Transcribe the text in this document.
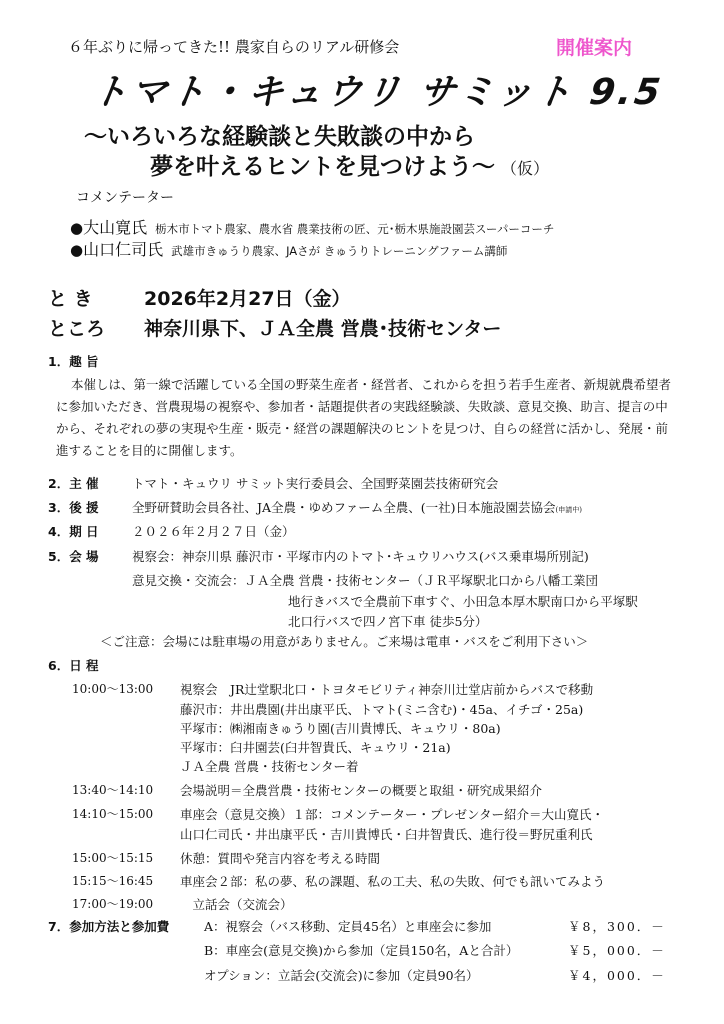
６年ぶりに帰ってきた!! 農家自らのリアル研修会	開催案内
トマト・キュウリ サミット 9.5
〜いろいろな経験談と失敗談の中から
夢を叶えるヒントを見つけよう〜 （仮）
コメンテーター
●大山寛氏 栃木市トマト農家、農水省 農業技術の匠、元･栃木県施設園芸スーパーコーチ
●山口仁司氏 武雄市きゅうり農家、JAさが きゅうりトレーニングファーム講師
と き	2026年2月27日（金）
ところ 神奈川県下、ＪＡ全農 営農･技術センター
1．趣 旨
本催しは、第一線で活躍している全国の野菜生産者・経営者、これからを担う若手生産者、新規就農希望者に参加いただき、営農現場の視察や、参加者・話題提供者の実践経験談、失敗談、意見交換、助言、提言の中から、それぞれの夢の実現や生産・販売・経営の課題解決のヒントを見つけ、自らの経営に活かし、発展・前進することを目的に開催します。
2．主 催	トマト・キュウリ サミット実行委員会、全国野菜園芸技術研究会
3．後 援	全野研賛助会員各社、JA全農・ゆめファーム全農、(一社)日本施設園芸協会(申請中)
4．期 日	２０２６年２月２７日（金）
5．会 場	視察会：神奈川県 藤沢市・平塚市内のトマト･キュウリハウス(バス乗車場所別記)
意見交換・交流会：ＪＡ全農 営農・技術センター（ＪＲ平塚駅北口から八幡工業団
地行きバスで全農前下車すぐ、小田急本厚木駅南口から平塚駅
北口行バスで四ノ宮下車 徒歩5分）
＜ご注意：会場には駐車場の用意がありません。ご来場は電車・バスをご利用下さい＞
6．日 程
10:00〜13:00 視察会　JR辻堂駅北口・トヨタモビリティ神奈川辻堂店前からバスで移動
藤沢市：井出農園(井出康平氏、トマト(ミニ含む)・45a、イチゴ・25a)
平塚市：㈱湘南きゅうり園(吉川貴博氏、キュウリ・80a)
平塚市：臼井園芸(臼井智貴氏、キュウリ・21a)
ＪＡ全農 営農・技術センター着
13:40〜14:10 会場説明＝全農営農・技術センターの概要と取組・研究成果紹介
14:10〜15:00 車座会（意見交換）１部：コメンテーター・プレゼンター紹介＝大山寛氏・
山口仁司氏・井出康平氏・吉川貴博氏・臼井智貴氏、進行役＝野尻重利氏
15:00〜15:15 休憩：質問や発言内容を考える時間
15:15〜16:45 車座会２部：私の夢、私の課題、私の工夫、私の失敗、何でも訊いてみよう
17:00〜19:00 　立話会（交流会）
7．参加方法と参加費	A：視察会（バス移動、定員45名）と車座会に参加	￥8，300．－
B：車座会(意見交換)から参加（定員150名，Aと合計）	￥5，000．－
オプション：立話会(交流会)に参加（定員90名）	￥4，000．－
